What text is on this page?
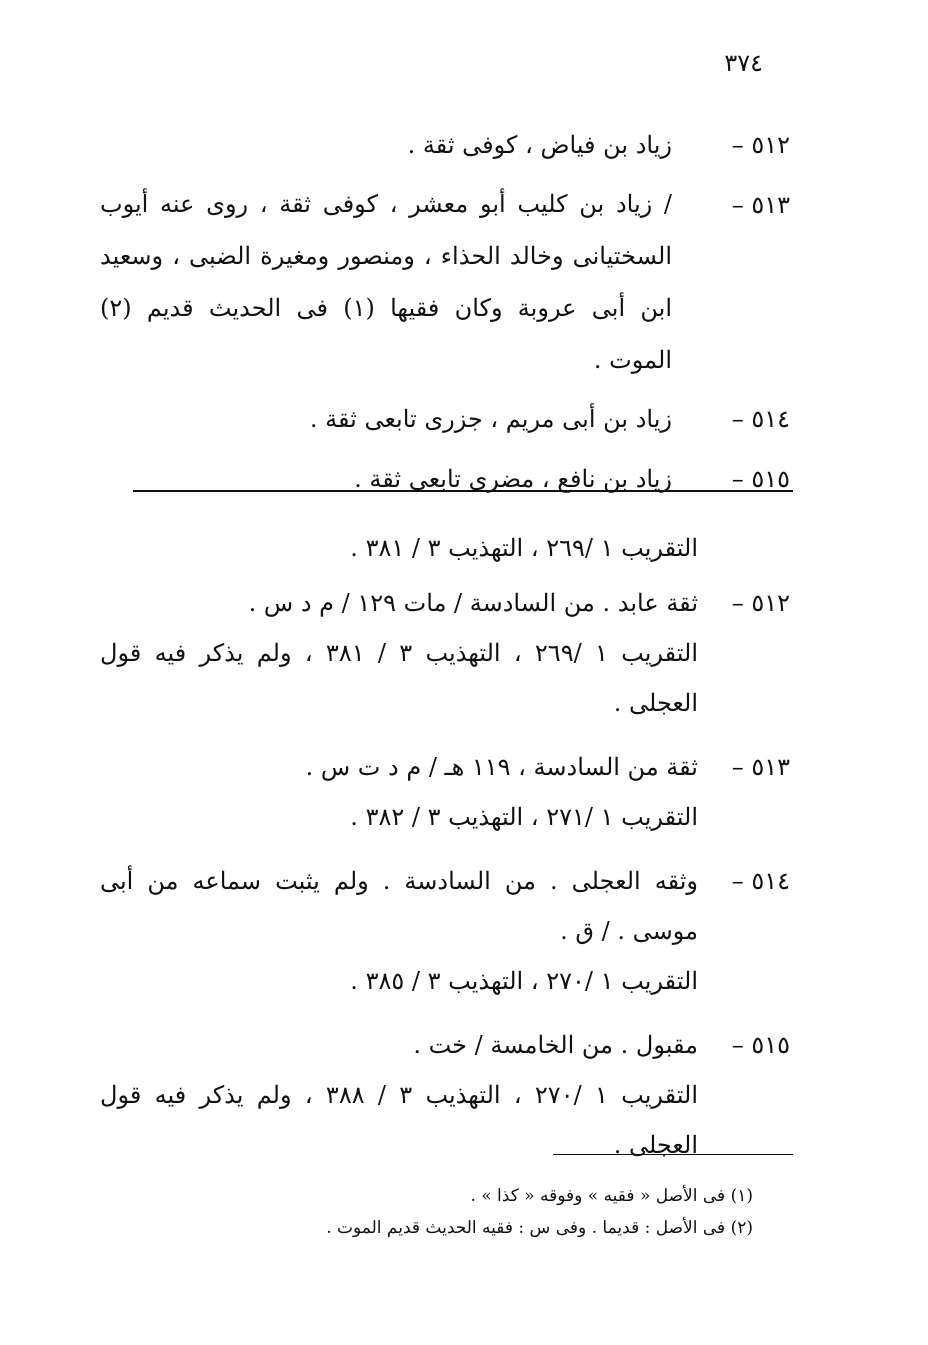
٣٧٤
٥١٢ –
زياد بن فياض ، كوفى ثقة .
٥١٣ –
/ زياد بن كليب أبو معشر ، كوفى ثقة ، روى عنه أيوب السختيانى وخالد الحذاء ، ومنصور ومغيرة الضبى ، وسعيد ابن أبى عروبة وكان فقيها (١) فى الحديث قديم (٢) الموت .
٥١٤ –
زياد بن أبى مريم ، جزرى تابعى ثقة .
٥١٥ –
زياد بن نافع ، مضرى تابعى ثقة .
التقريب ١ /٢٦٩ ، التهذيب ٣ / ٣٨١ .
٥١٢ –
ثقة عابد . من السادسة / مات ١٢٩ / م د س .
التقريب ١ /٢٦٩ ، التهذيب ٣ / ٣٨١ ، ولم يذكر فيه قول العجلى .
٥١٣ –
ثقة من السادسة ، ١١٩ هـ / م د ت س .
التقريب ١ /٢٧١ ، التهذيب ٣ / ٣٨٢ .
٥١٤ –
وثقه العجلى . من السادسة . ولم يثبت سماعه من أبى موسى . / ق .
التقريب ١ /٢٧٠ ، التهذيب ٣ / ٣٨٥ .
٥١٥ –
مقبول . من الخامسة / خت .
التقريب ١ /٢٧٠ ، التهذيب ٣ / ٣٨٨ ، ولم يذكر فيه قول العجلى .
(١) فى الأصل « فقيه » وفوقه « كذا » .
(٢) فى الأصل : قديما . وفى س : فقيه الحديث قديم الموت .
